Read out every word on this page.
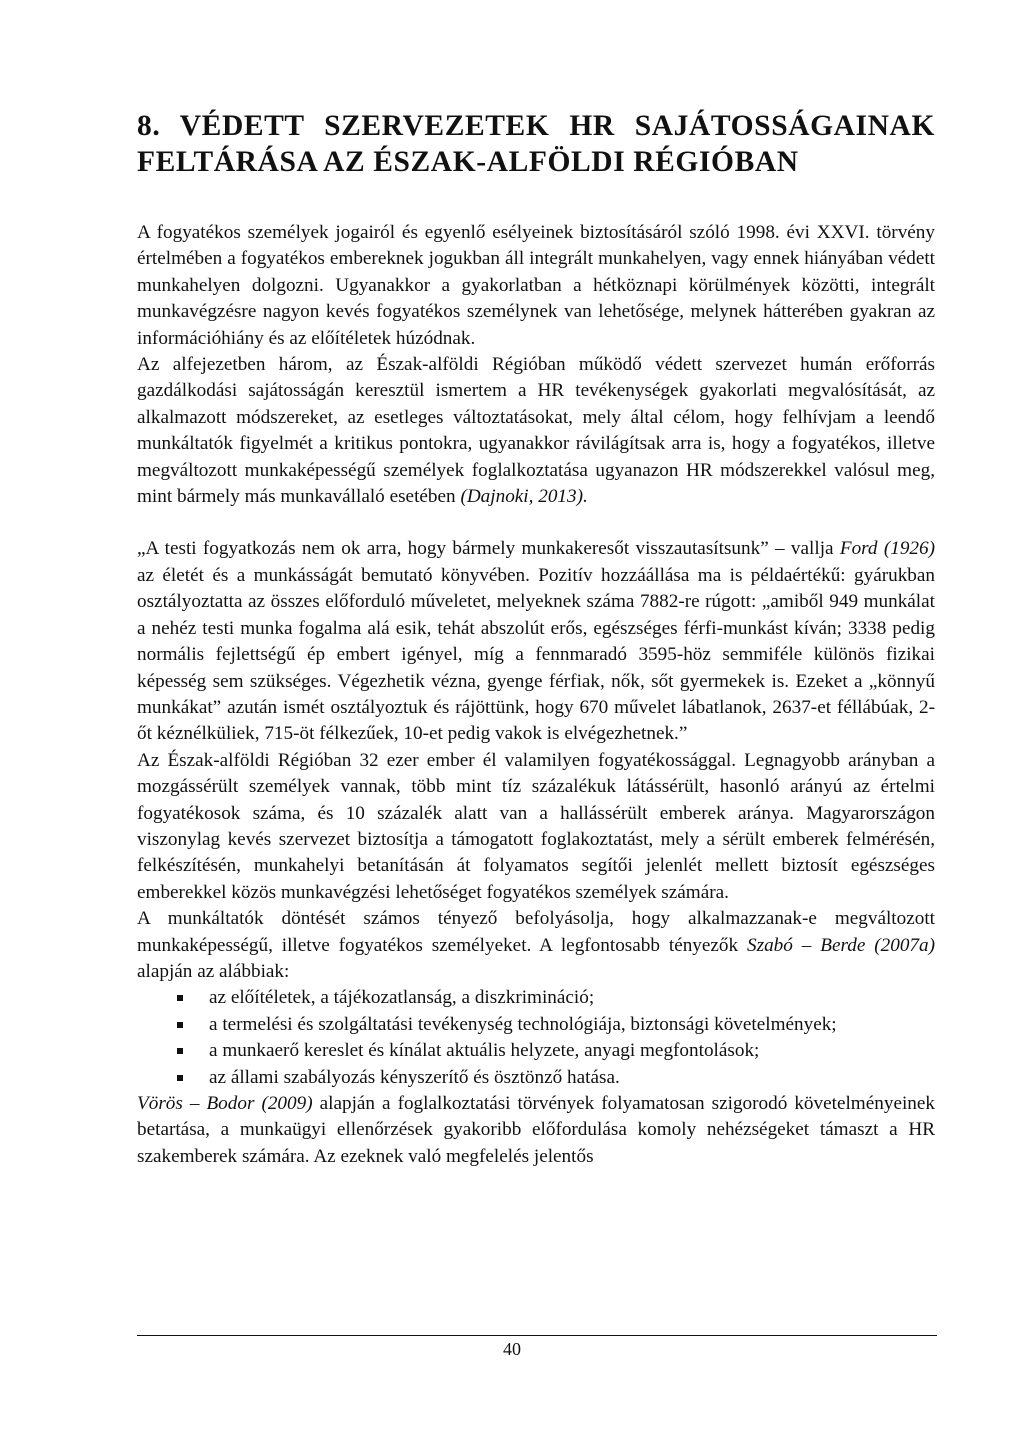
8. VÉDETT SZERVEZETEK HR SAJÁTOSSÁGAINAK FELTÁRÁSA AZ ÉSZAK-ALFÖLDI RÉGIÓBAN

A fogyatékos személyek jogairól és egyenlő esélyeinek biztosításáról szóló 1998. évi XXVI. törvény értelmében a fogyatékos embereknek jogukban áll integrált munkahelyen, vagy ennek hiányában védett munkahelyen dolgozni. Ugyanakkor a gyakorlatban a hétköznapi körülmények közötti, integrált munkavégzésre nagyon kevés fogyatékos személynek van lehetősége, melynek hátterében gyakran az információhiány és az előítéletek húzódnak.

Az alfejezetben három, az Észak-alföldi Régióban működő védett szervezet humán erőforrás gazdálkodási sajátosságán keresztül ismertem a HR tevékenységek gyakorlati megvalósítását, az alkalmazott módszereket, az esetleges változtatásokat, mely által célom, hogy felhívjam a leendő munkáltatók figyelmét a kritikus pontokra, ugyanakkor rávilágítsak arra is, hogy a fogyatékos, illetve megváltozott munkaképességű személyek foglalkoztatása ugyanazon HR módszerekkel valósul meg, mint bármely más munkavállaló esetében (Dajnoki, 2013).

„A testi fogyatkozás nem ok arra, hogy bármely munkakeresőt visszautasítsunk” – vallja Ford (1926) az életét és a munkásságát bemutató könyvében. Pozitív hozzáállása ma is példaértékű: gyárukban osztályoztatta az összes előforduló műveletet, melyeknek száma 7882-re rúgott: „amiből 949 munkálat a nehéz testi munka fogalma alá esik, tehát abszolút erős, egészséges férfi-munkást kíván; 3338 pedig normális fejlettségű ép embert igényel, míg a fennmaradó 3595-höz semmiféle különös fizikai képesség sem szükséges. Végezhetik vézna, gyenge férfiak, nők, sőt gyermekek is. Ezeket a „könnyű munkákat” azután ismét osztályoztuk és rájöttünk, hogy 670 művelet lábatlanok, 2637-et féllábúak, 2-őt kéznélküliek, 715-öt félkezűek, 10-et pedig vakok is elvégezhetnek.”

Az Észak-alföldi Régióban 32 ezer ember él valamilyen fogyatékossággal. Legnagyobb arányban a mozgássérült személyek vannak, több mint tíz százalékuk látássérült, hasonló arányú az értelmi fogyatékosok száma, és 10 százalék alatt van a hallássérült emberek aránya. Magyarországon viszonylag kevés szervezet biztosítja a támogatott foglakoztatást, mely a sérült emberek felmérésén, felkészítésén, munkahelyi betanításán át folyamatos segítői jelenlét mellett biztosít egészséges emberekkel közös munkavégzési lehetőséget fogyatékos személyek számára.

A munkáltatók döntését számos tényező befolyásolja, hogy alkalmazzanak-e megváltozott munkaképességű, illetve fogyatékos személyeket. A legfontosabb tényezők Szabó – Berde (2007a) alapján az alábbiak:

az előítéletek, a tájékozatlanság, a diszkrimináció;
a termelési és szolgáltatási tevékenység technológiája, biztonsági követelmények;
a munkaerő kereslet és kínálat aktuális helyzete, anyagi megfontolások;
az állami szabályozás kényszerítő és ösztönző hatása.

Vörös – Bodor (2009) alapján a foglalkoztatási törvények folyamatosan szigorodó követelményeinek betartása, a munkaügyi ellenőrzések gyakoribb előfordulása komoly nehézségeket támaszt a HR szakemberek számára. Az ezeknek való megfelelés jelentős

40
